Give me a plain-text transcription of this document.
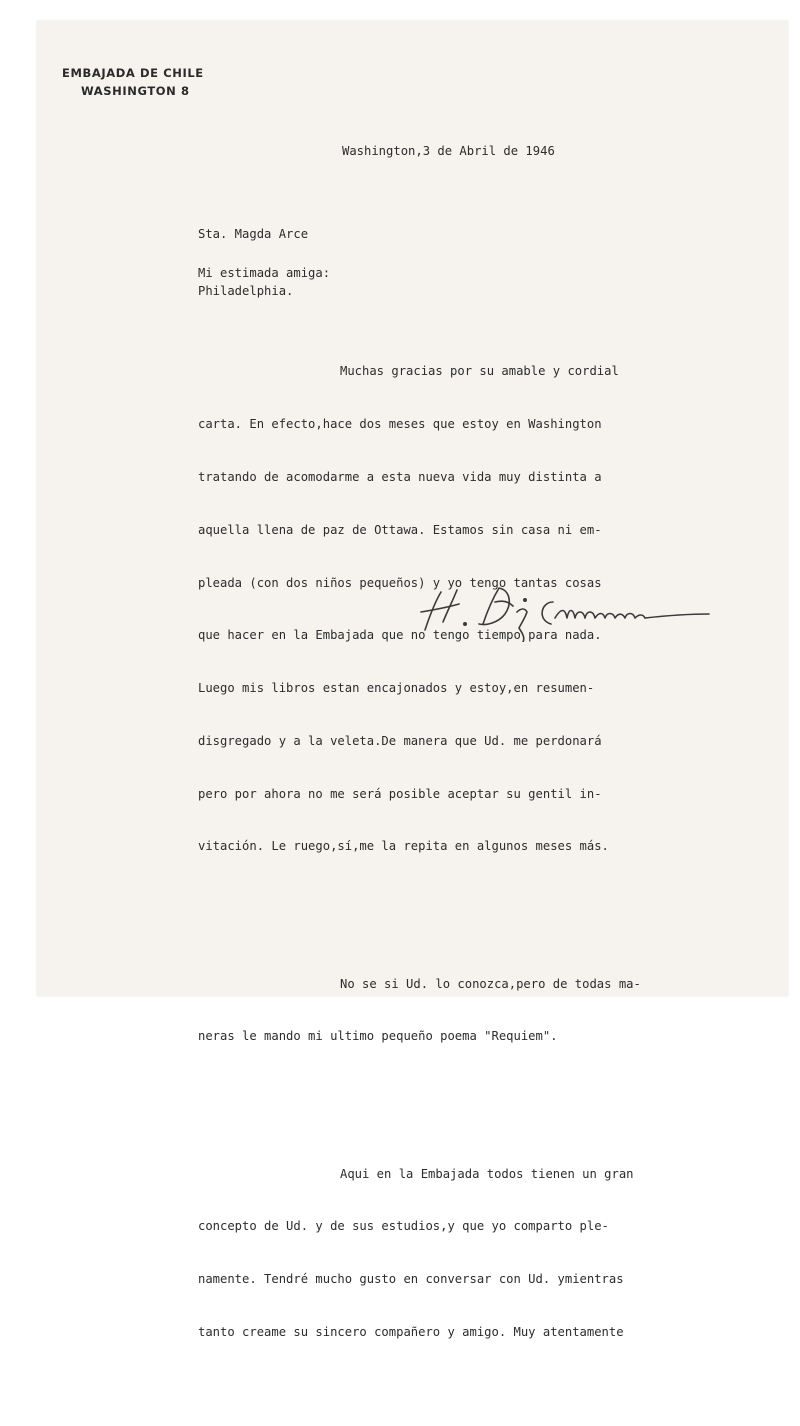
EMBAJADA DE CHILE
WASHINGTON 8
Washington,3 de Abril de 1946

Sta. Magda Arce

Philadelphia.

Mi estimada amiga:

Muchas gracias por su amable y cordial

carta. En efecto,hace dos meses que estoy en Washington

tratando de acomodarme a esta nueva vida muy distinta a

aquella llena de paz de Ottawa. Estamos sin casa ni em-

pleada (con dos niños pequeños) y yo tengo tantas cosas

que hacer en la Embajada que no tengo tiempo para nada.

Luego mis libros estan encajonados y estoy,en resumen-

disgregado y a la veleta.De manera que Ud. me perdonará

pero por ahora no me será posible aceptar su gentil in-

vitación. Le ruego,sí,me la repita en algunos meses más.

No se si Ud. lo conozca,pero de todas ma-

neras le mando mi ultimo pequeño poema "Requiem".

Aqui en la Embajada todos tienen un gran

concepto de Ud. y de sus estudios,y que yo comparto ple-

namente. Tendré mucho gusto en conversar con Ud. ymientras

tanto creame su sincero compañero y amigo. Muy atentamente
